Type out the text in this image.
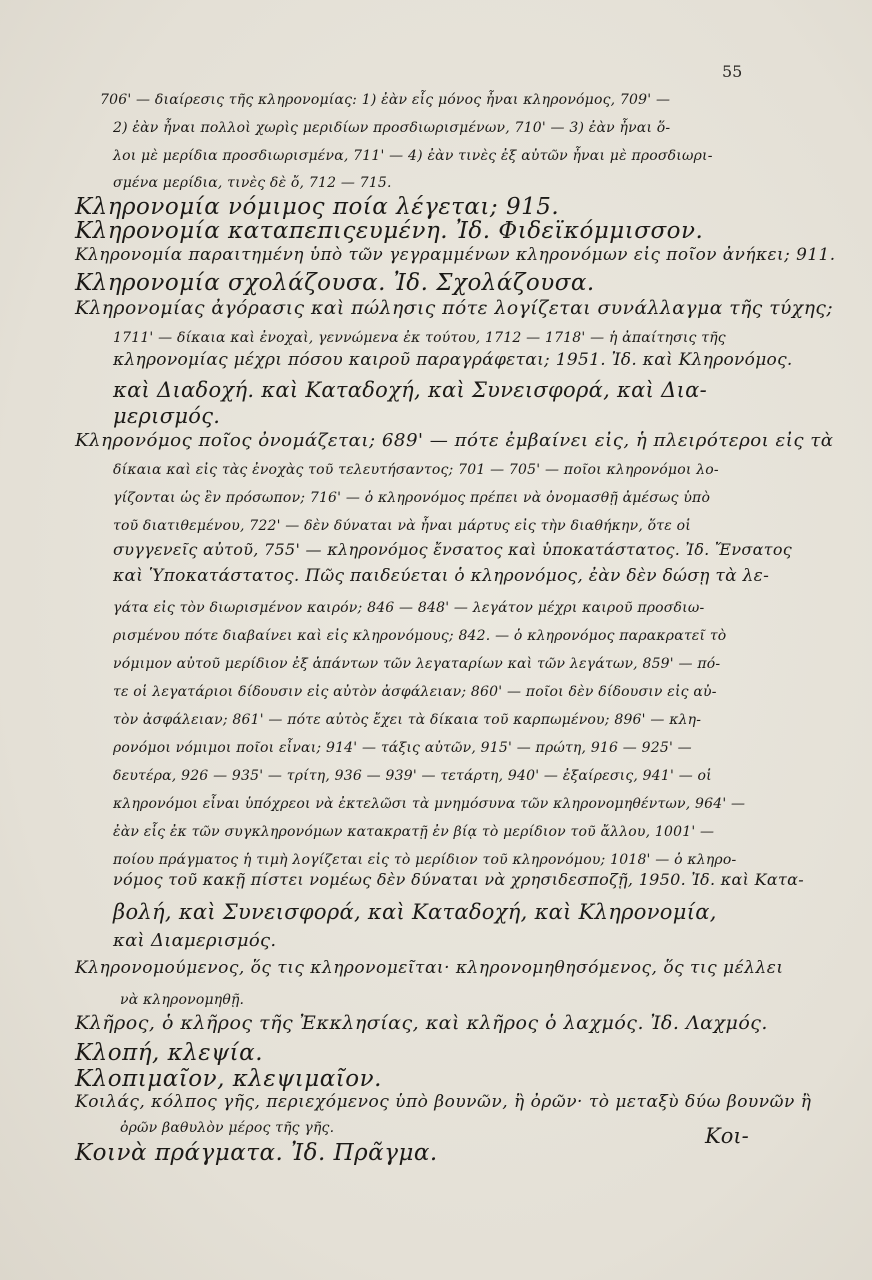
55
706' — διαίρεσις τῆς κληρονομίας: 1) ἐὰν εἷς μόνος ἦναι κληρονόμος, 709' —
2) ἐὰν ἦναι πολλοὶ χωρὶς μεριδίων προσδιωρισμένων, 710' — 3) ἐὰν ἦναι ὅ-
λοι μὲ μερίδια προσδιωρισμένα, 711' — 4) ἐὰν τινὲς ἐξ αὐτῶν ἦναι μὲ προσδιωρι-
σμένα μερίδια, τινὲς δὲ ὄ, 712 — 715.
Κληρονομία νόμιμος ποία λέγεται; 915.
Κληρονομία καταπεπιςευμένη. Ἰδ. Φιδεϊκόμμισσον.
Κληρονομία παραιτημένη ὑπὸ τῶν γεγραμμένων κληρονόμων εἰς ποῖον ἀνήκει; 911.
Κληρονομία σχολάζουσα. Ἰδ. Σχολάζουσα.
Κληρονομίας ἀγόρασις καὶ πώλησις πότε λογίζεται συνάλλαγμα τῆς τύχης;
1711' — δίκαια καὶ ἐνοχαὶ, γεννώμενα ἐκ τούτου, 1712 — 1718' — ἡ ἀπαίτησις τῆς
κληρονομίας μέχρι πόσου καιροῦ παραγράφεται; 1951. Ἰδ. καὶ Κληρονόμος.
καὶ Διαδοχή. καὶ Καταδοχή, καὶ Συνεισφορά, καὶ Δια-
μερισμός.
Κληρονόμος ποῖος ὀνομάζεται; 689' — πότε ἐμβαίνει εἰς, ἡ πλειρότεροι εἰς τὰ
δίκαια καὶ εἰς τὰς ἐνοχὰς τοῦ τελευτήσαντος; 701 — 705' — ποῖοι κληρονόμοι λο-
γίζονται ὡς ἓν πρόσωπον; 716' — ὁ κληρονόμος πρέπει νὰ ὀνομασθῇ ἀμέσως ὑπὸ
τοῦ διατιθεμένου, 722' — δὲν δύναται νὰ ἦναι μάρτυς εἰς τὴν διαθήκην, ὅτε οἱ
συγγενεῖς αὐτοῦ, 755' — κληρονόμος ἔνσατος καὶ ὑποκατάστατος. Ἰδ. Ἔνσατος
καὶ Ὑποκατάστατος. Πῶς παιδεύεται ὁ κληρονόμος, ἐὰν δὲν δώσῃ τὰ λε-
γάτα εἰς τὸν διωρισμένον καιρόν; 846 — 848' — λεγάτον μέχρι καιροῦ προσδιω-
ρισμένου πότε διαβαίνει καὶ εἰς κληρονόμους; 842. — ὁ κληρονόμος παρακρατεῖ τὸ
νόμιμον αὐτοῦ μερίδιον ἐξ ἁπάντων τῶν λεγαταρίων καὶ τῶν λεγάτων, 859' — πό-
τε οἱ λεγατάριοι δίδουσιν εἰς αὐτὸν ἀσφάλειαν; 860' — ποῖοι δὲν δίδουσιν εἰς αὐ-
τὸν ἀσφάλειαν; 861' — πότε αὐτὸς ἔχει τὰ δίκαια τοῦ καρπωμένου; 896' — κλη-
ρονόμοι νόμιμοι ποῖοι εἶναι; 914' — τάξις αὐτῶν, 915' — πρώτη, 916 — 925' —
δευτέρα, 926 — 935' — τρίτη, 936 — 939' — τετάρτη, 940' — ἐξαίρεσις, 941' — οἱ
κληρονόμοι εἶναι ὑπόχρεοι νὰ ἐκτελῶσι τὰ μνημόσυνα τῶν κληρονομηθέντων, 964' —
ἐὰν εἷς ἐκ τῶν συγκληρονόμων κατακρατῇ ἐν βίᾳ τὸ μερίδιον τοῦ ἄλλου, 1001' —
ποίου πράγματος ἡ τιμὴ λογίζεται εἰς τὸ μερίδιον τοῦ κληρονόμου; 1018' — ὁ κληρο-
νόμος τοῦ κακῇ πίστει νομέως δὲν δύναται νὰ χρησιδεσποζῇ, 1950. Ἰδ. καὶ Κατα-
βολή, καὶ Συνεισφορά, καὶ Καταδοχή, καὶ Κληρονομία,
καὶ Διαμερισμός.
Κληρονομούμενος, ὅς τις κληρονομεῖται· κληρονομηθησόμενος, ὅς τις μέλλει
νὰ κληρονομηθῇ.
Κλῆρος, ὁ κλῆρος τῆς Ἐκκλησίας, καὶ κλῆρος ὁ λαχμός. Ἰδ. Λαχμός.
Κλοπή, κλεψία.
Κλοπιμαῖον, κλεψιμαῖον.
Κοιλάς, κόλπος γῆς, περιεχόμενος ὑπὸ βουνῶν, ἢ ὀρῶν· τὸ μεταξὺ δύω βουνῶν ἢ
ὀρῶν βαθυλὸν μέρος τῆς γῆς.
Κοινὰ πράγματα. Ἰδ. Πρᾶγμα.
Κοι-
